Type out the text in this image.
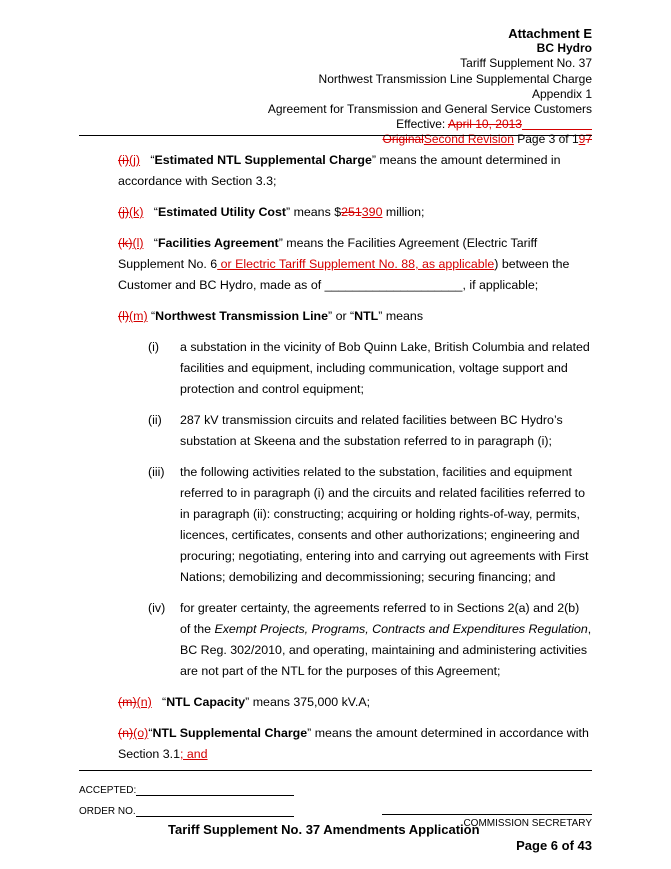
Attachment E
BC Hydro
Tariff Supplement No. 37
Northwest Transmission Line Supplemental Charge
Appendix 1
Agreement for Transmission and General Service Customers
Effective: April 10, 2013
OriginalSecond Revision Page 3 of 197

(i)(j)   “Estimated NTL Supplemental Charge” means the amount determined in accordance with Section 3.3;

(j)(k)   “Estimated Utility Cost” means $251390 million;

(k)(l)   “Facilities Agreement” means the Facilities Agreement (Electric Tariff Supplement No. 6 or Electric Tariff Supplement No. 88, as applicable) between the Customer and BC Hydro, made as of ____________________, if applicable;

(l)(m) “Northwest Transmission Line” or “NTL” means

(i)	a substation in the vicinity of Bob Quinn Lake, British Columbia and related facilities and equipment, including communication, voltage support and protection and control equipment;
(ii)	287 kV transmission circuits and related facilities between BC Hydro’s substation at Skeena and the substation referred to in paragraph (i);
(iii)	the following activities related to the substation, facilities and equipment referred to in paragraph (i) and the circuits and related facilities referred to in paragraph (ii): constructing; acquiring or holding rights-of-way, permits, licences, certificates, consents and other authorizations; engineering and procuring; negotiating, entering into and carrying out agreements with First Nations; demobilizing and decommissioning; securing financing; and
(iv)	for greater certainty, the agreements referred to in Sections 2(a) and 2(b) of the Exempt Projects, Programs, Contracts and Expenditures Regulation, BC Reg. 302/2010, and operating, maintaining and administering activities are not part of the NTL for the purposes of this Agreement;

(m)(n)   “NTL Capacity” means 375,000 kV.A;

(n)(o)“NTL Supplemental Charge” means the amount determined in accordance with Section 3.1; and

ACCEPTED:
ORDER NO.
COMMISSION SECRETARY
Tariff Supplement No. 37 Amendments Application
Page 6 of 43
